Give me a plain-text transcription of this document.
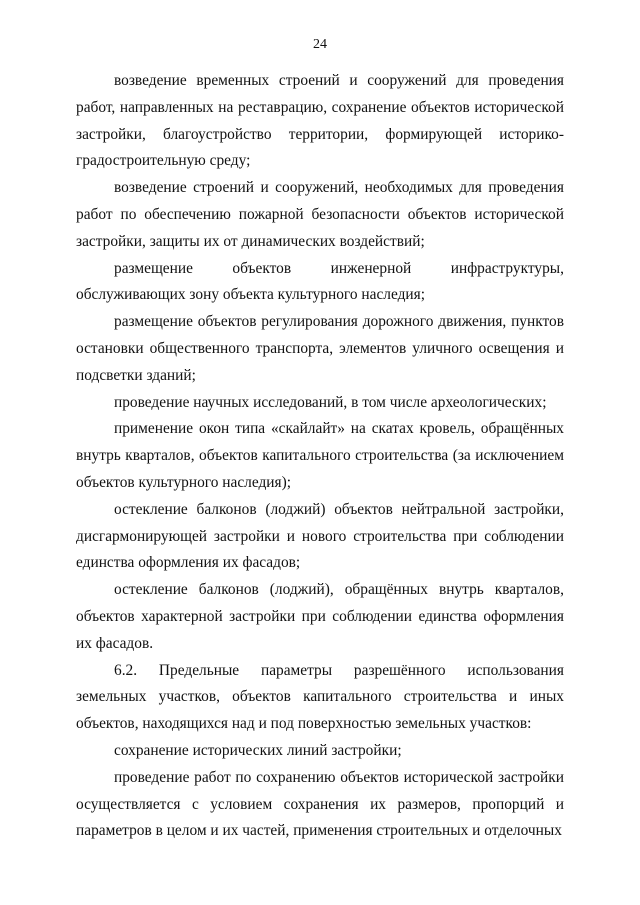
24

возведение временных строений и сооружений для проведения работ, направленных на реставрацию, сохранение объектов исторической застройки, благоустройство территории, формирующей историко-градостроительную среду;

возведение строений и сооружений, необходимых для проведения работ по обеспечению пожарной безопасности объектов исторической застройки, защиты их от динамических воздействий;

размещение объектов инженерной инфраструктуры, обслуживающих зону объекта культурного наследия;

размещение объектов регулирования дорожного движения, пунктов остановки общественного транспорта, элементов уличного освещения и подсветки зданий;

проведение научных исследований, в том числе археологических;

применение окон типа «скайлайт» на скатах кровель, обращённых внутрь кварталов, объектов капитального строительства (за исключением объектов культурного наследия);

остекление балконов (лоджий) объектов нейтральной застройки, дисгармонирующей застройки и нового строительства при соблюдении единства оформления их фасадов;

остекление балконов (лоджий), обращённых внутрь кварталов, объектов характерной застройки при соблюдении единства оформления их фасадов.

6.2. Предельные параметры разрешённого использования земельных участков, объектов капитального строительства и иных объектов, находящихся над и под поверхностью земельных участков:

сохранение исторических линий застройки;

проведение работ по сохранению объектов исторической застройки осуществляется с условием сохранения их размеров, пропорций и параметров в целом и их частей, применения строительных и отделочных
